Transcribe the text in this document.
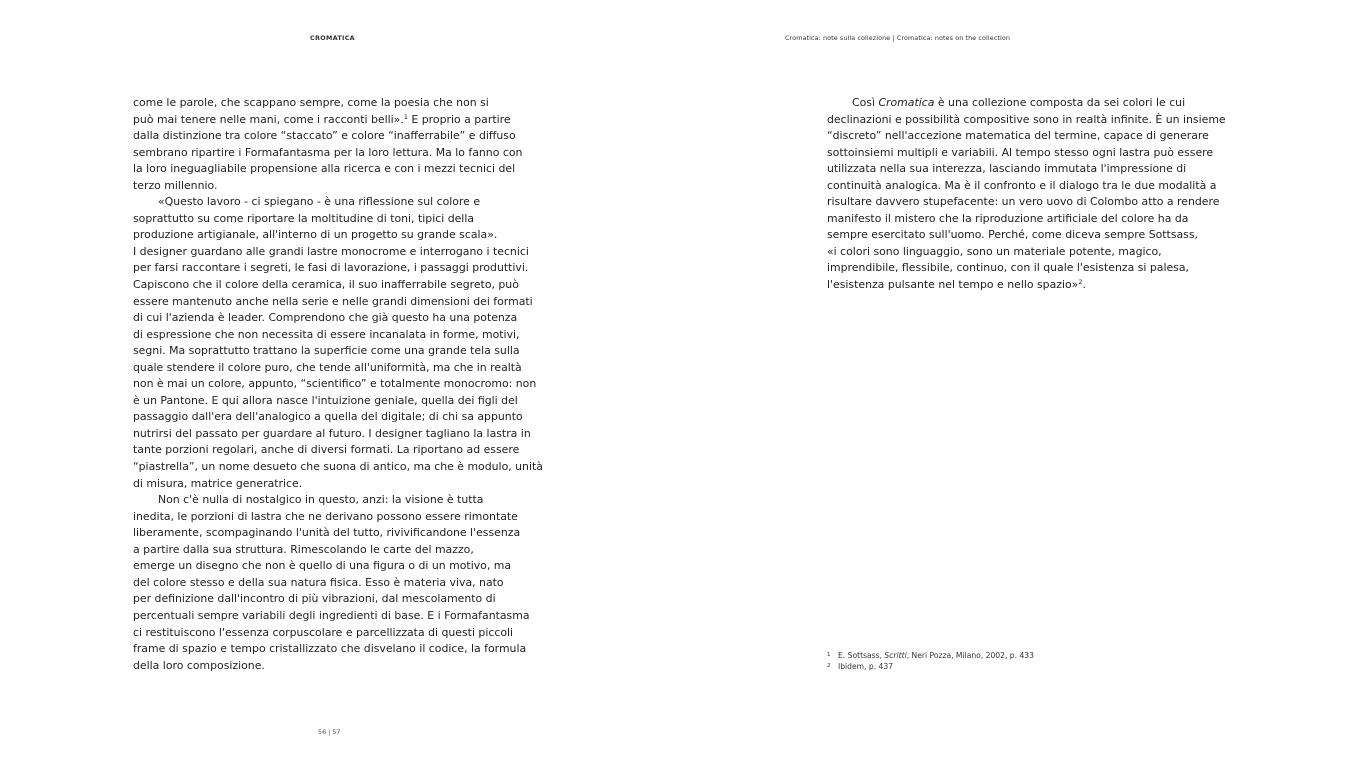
CROMATICA
come le parole, che scappano sempre, come la poesia che non si
può mai tenere nelle mani, come i racconti belli».$^1$ E proprio a partire
dalla distinzione tra colore “staccato” e colore “inafferrabile” e diffuso
sembrano ripartire i Formafantasma per la loro lettura. Ma lo fanno con
la loro ineguagliabile propensione alla ricerca e con i mezzi tecnici del
terzo millennio.
«Questo lavoro - ci spiegano - è una riflessione sul colore e
soprattutto su come riportare la moltitudine di toni, tipici della
produzione artigianale, all'interno di un progetto su grande scala».
I designer guardano alle grandi lastre monocrome e interrogano i tecnici
per farsi raccontare i segreti, le fasi di lavorazione, i passaggi produttivi.
Capiscono che il colore della ceramica, il suo inafferrabile segreto, può
essere mantenuto anche nella serie e nelle grandi dimensioni dei formati
di cui l'azienda è leader. Comprendono che già questo ha una potenza
di espressione che non necessita di essere incanalata in forme, motivi,
segni. Ma soprattutto trattano la superficie come una grande tela sulla
quale stendere il colore puro, che tende all'uniformità, ma che in realtà
non è mai un colore, appunto, “scientifico” e totalmente monocromo: non
è un Pantone. E qui allora nasce l'intuizione geniale, quella dei figli del
passaggio dall'era dell'analogico a quella del digitale; di chi sa appunto
nutrirsi del passato per guardare al futuro. I designer tagliano la lastra in
tante porzioni regolari, anche di diversi formati. La riportano ad essere
“piastrella”, un nome desueto che suona di antico, ma che è modulo, unità
di misura, matrice generatrice.
Non c'è nulla di nostalgico in questo, anzi: la visione è tutta
inedita, le porzioni di lastra che ne derivano possono essere rimontate
liberamente, scompaginando l'unità del tutto, rivivificandone l'essenza
a partire dalla sua struttura. Rimescolando le carte del mazzo,
emerge un disegno che non è quello di una figura o di un motivo, ma
del colore stesso e della sua natura fisica. Esso è materia viva, nato
per definizione dall'incontro di più vibrazioni, dal mescolamento di
percentuali sempre variabili degli ingredienti di base. E i Formafantasma
ci restituiscono l'essenza corpuscolare e parcellizzata di questi piccoli
frame di spazio e tempo cristallizzato che disvelano il codice, la formula
della loro composizione.
56 | 57
Cromatica: note sulla collezione | Cromatica: notes on the collection
Così Cromatica è una collezione composta da sei colori le cui
declinazioni e possibilità compositive sono in realtà infinite. È un insieme
“discreto” nell'accezione matematica del termine, capace di generare
sottoinsiemi multipli e variabili. Al tempo stesso ogni lastra può essere
utilizzata nella sua interezza, lasciando immutata l'impressione di
continuità analogica. Ma è il confronto e il dialogo tra le due modalità a
risultare davvero stupefacente: un vero uovo di Colombo atto a rendere
manifesto il mistero che la riproduzione artificiale del colore ha da
sempre esercitato sull'uomo. Perché, come diceva sempre Sottsass,
«i colori sono linguaggio, sono un materiale potente, magico,
imprendibile, flessibile, continuo, con il quale l'esistenza si palesa,
l'esistenza pulsante nel tempo e nello spazio»$^2$.
1 E. Sottsass, Scritti, Neri Pozza, Milano, 2002, p. 433
2 Ibidem, p. 437
